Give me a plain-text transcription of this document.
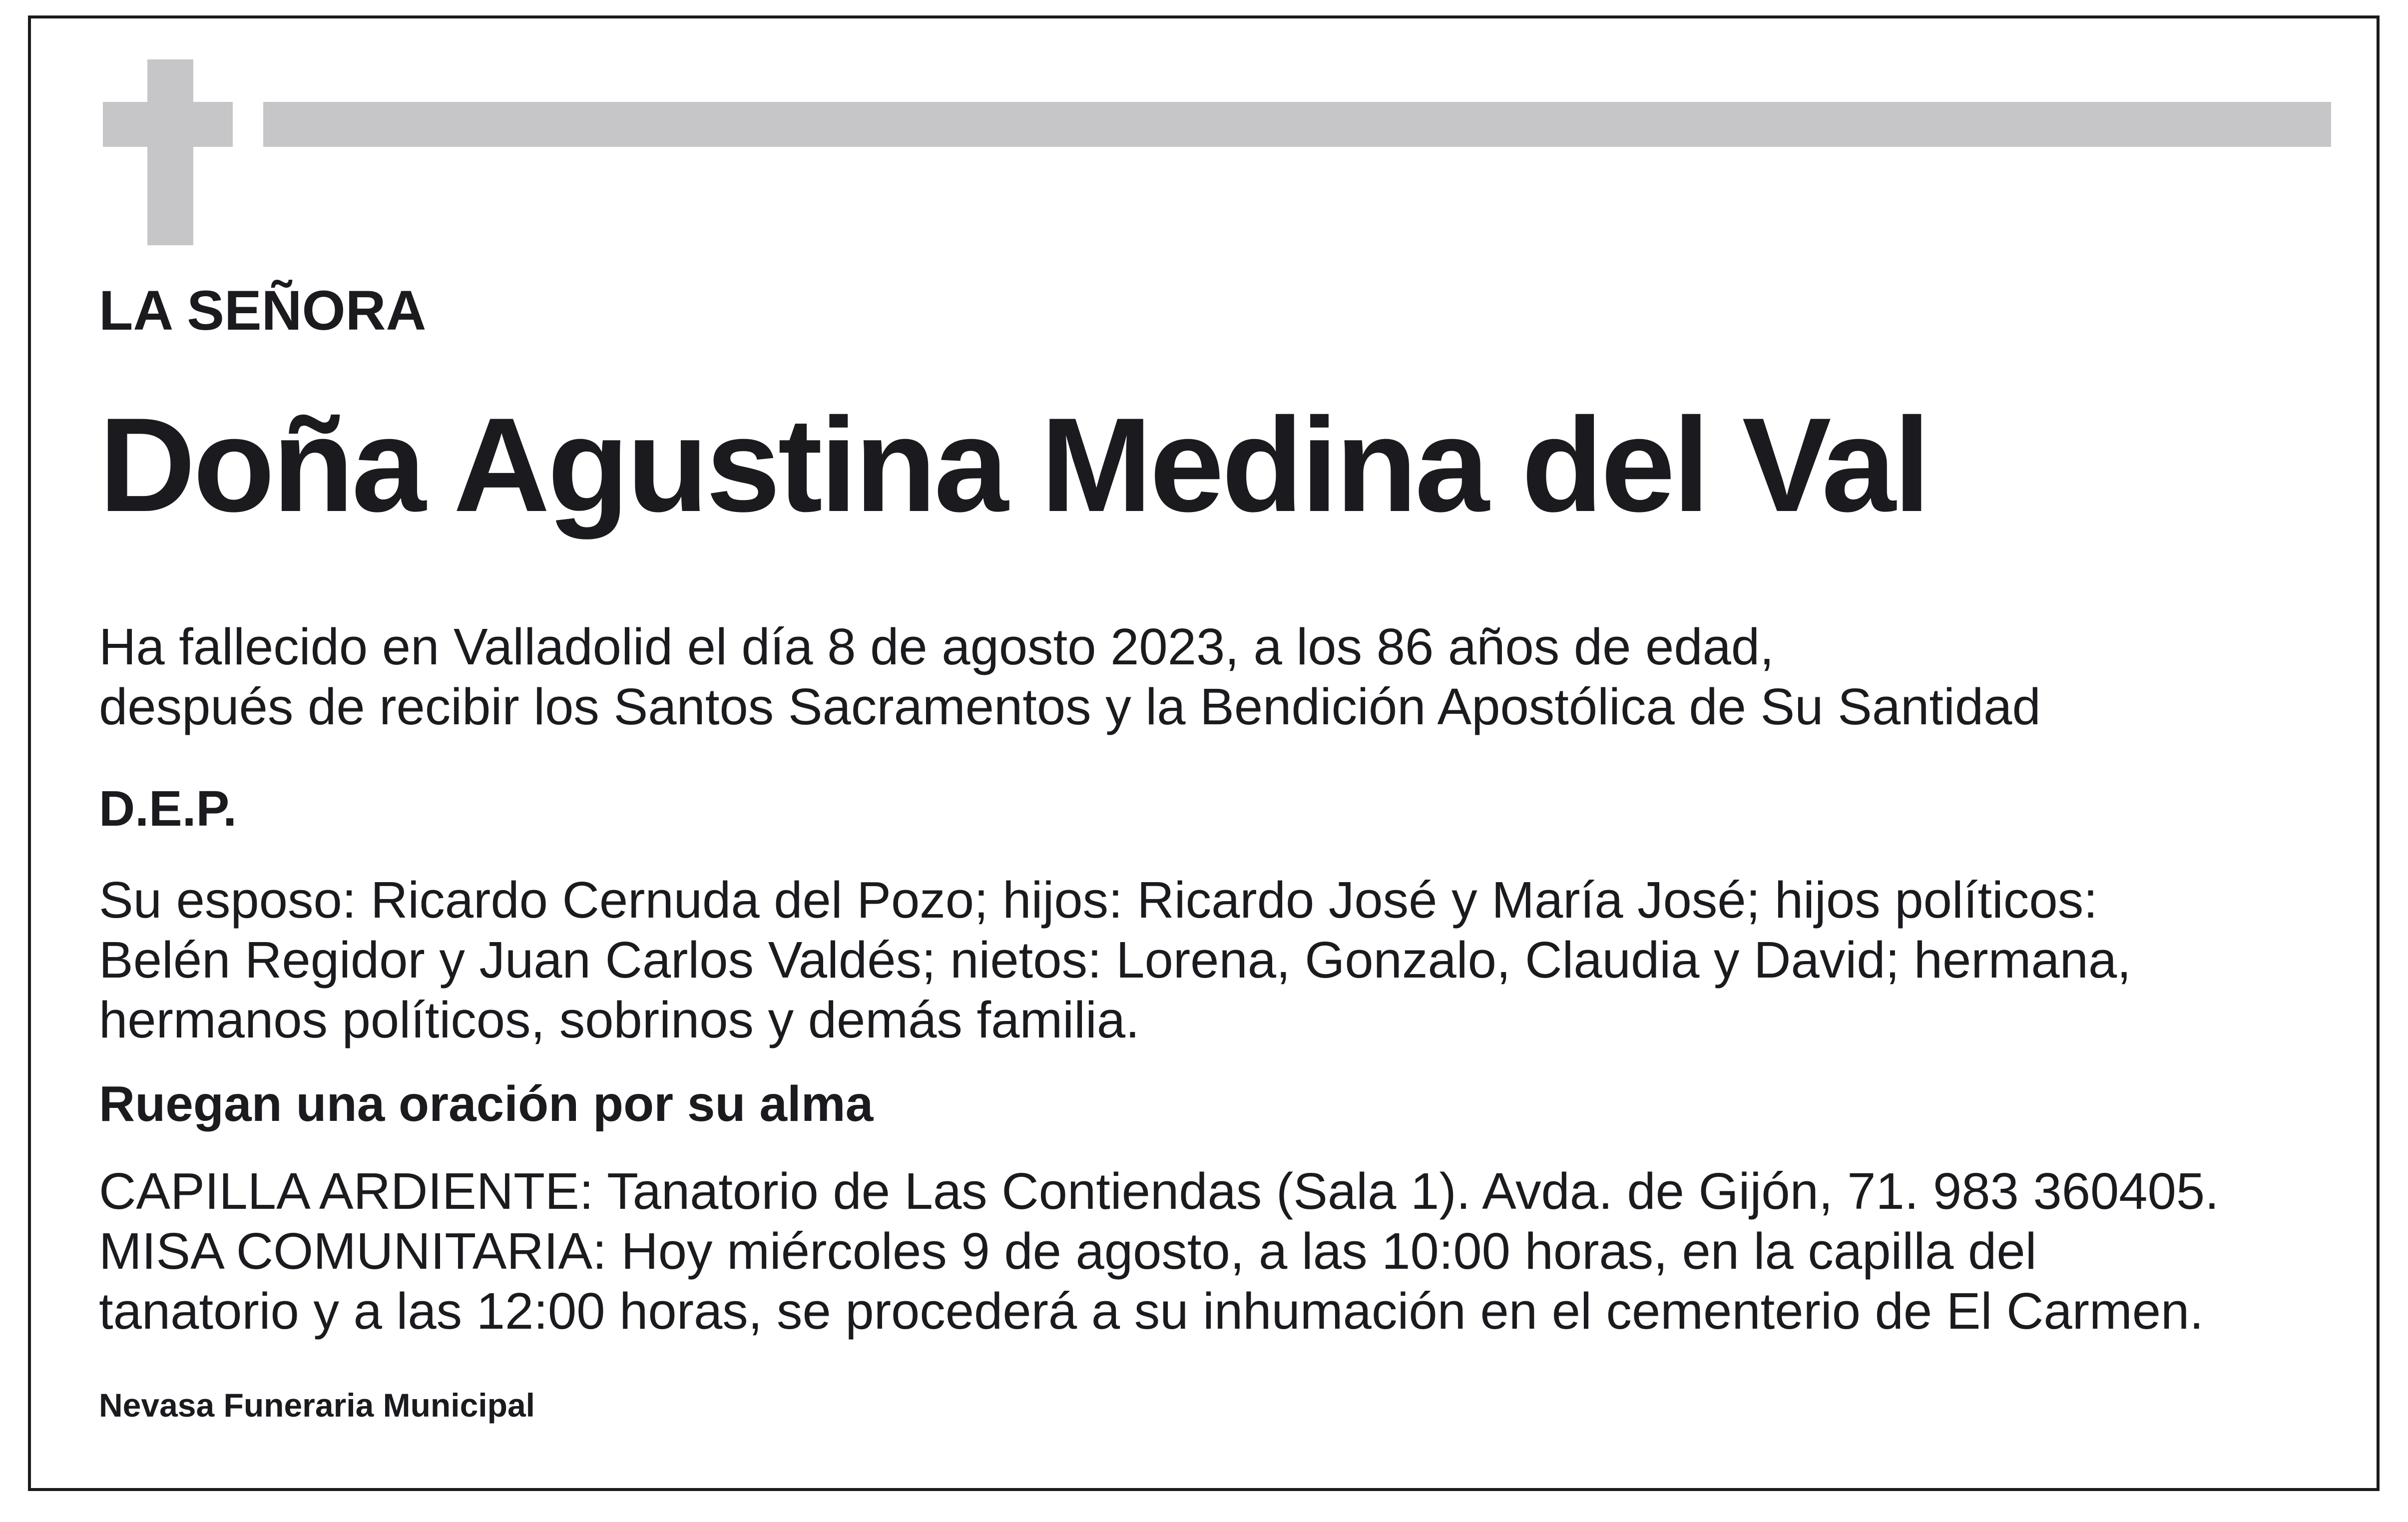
LA SEÑORA

Doña Agustina Medina del Val

Ha fallecido en Valladolid el día 8 de agosto 2023, a los 86 años de edad,

después de recibir los Santos Sacramentos y la Bendición Apostólica de Su Santidad

D.E.P.

Su esposo: Ricardo Cernuda del Pozo; hijos: Ricardo José y María José; hijos políticos:

Belén Regidor y Juan Carlos Valdés; nietos: Lorena, Gonzalo, Claudia y David; hermana,

hermanos políticos, sobrinos y demás familia.

Ruegan una oración por su alma

CAPILLA ARDIENTE: Tanatorio de Las Contiendas (Sala 1). Avda. de Gijón, 71. 983 360405.

MISA COMUNITARIA: Hoy miércoles 9 de agosto, a las 10:00 horas, en la capilla del

tanatorio y a las 12:00 horas, se procederá a su inhumación en el cementerio de El Carmen.

Nevasa Funeraria Municipal
